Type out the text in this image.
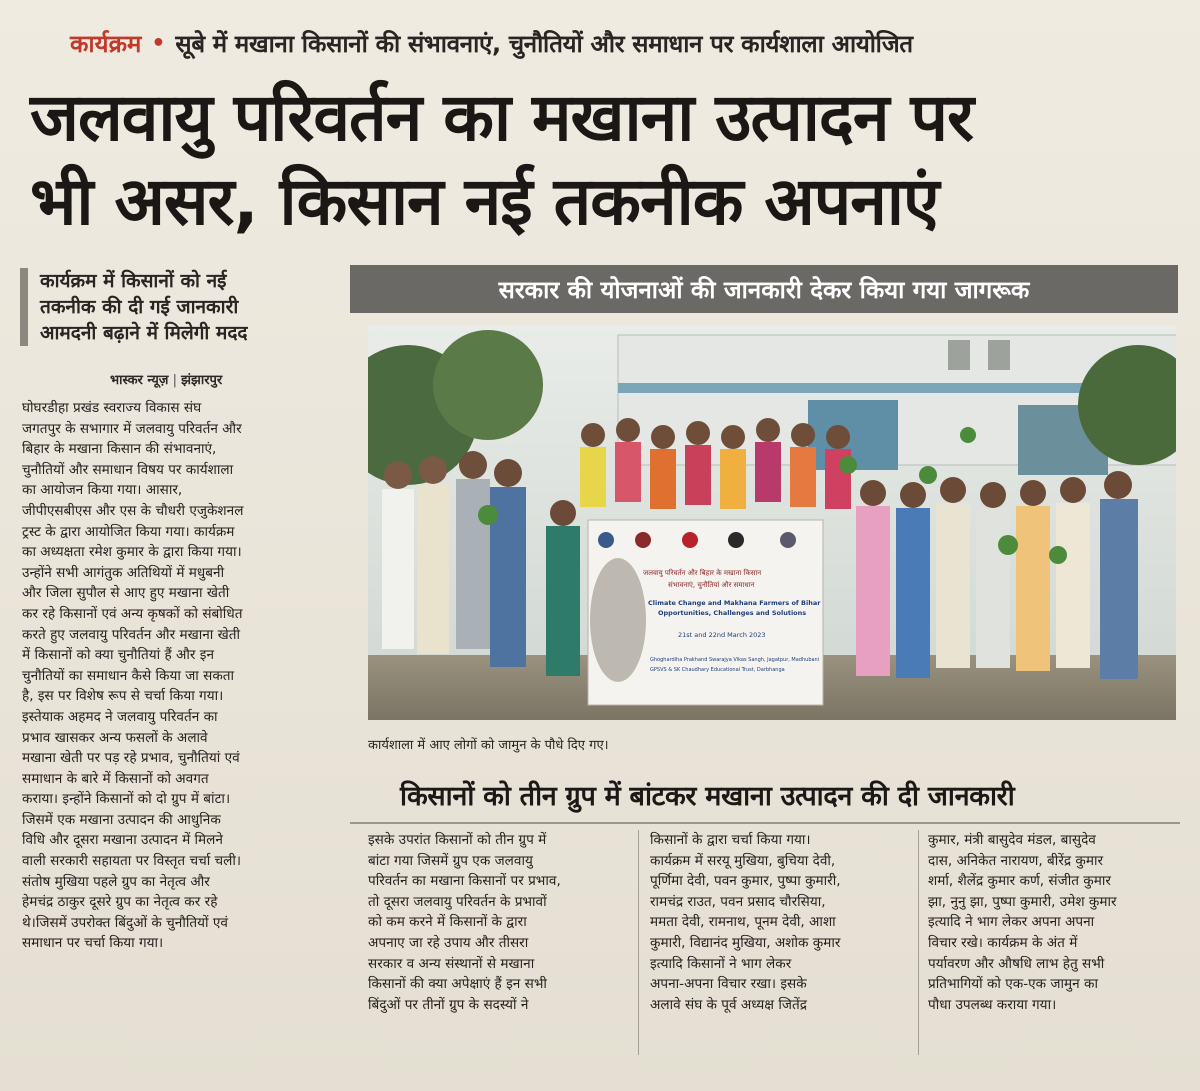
कार्यक्रम • सूबे में मखाना किसानों की संभावनाएं, चुनौतियों और समाधान पर कार्यशाला आयोजित
जलवायु परिवर्तन का मखाना उत्पादन पर
भी असर, किसान नई तकनीक अपनाएं
कार्यक्रम में किसानों को नई
तकनीक की दी गई जानकारी
आमदनी बढ़ाने में मिलेगी मदद
भास्कर न्यूज़ | झंझारपुर

घोघरडीहा प्रखंड स्वराज्य विकास संघ

जगतपुर के सभागार में जलवायु परिवर्तन और

बिहार के मखाना किसान की संभावनाएं,

चुनौतियों और समाधान विषय पर कार्यशाला

का आयोजन किया गया। आसार,

जीपीएसबीएस और एस के चौधरी एजुकेशनल

ट्रस्ट के द्वारा आयोजित किया गया। कार्यक्रम

का अध्यक्षता रमेश कुमार के द्वारा किया गया।

उन्होंने सभी आगंतुक अतिथियों में मधुबनी

और जिला सुपौल से आए हुए मखाना खेती

कर रहे किसानों एवं अन्य कृषकों को संबोधित

करते हुए जलवायु परिवर्तन और मखाना खेती

में किसानों को क्या चुनौतियां हैं और इन

चुनौतियों का समाधान कैसे किया जा सकता

है, इस पर विशेष रूप से चर्चा किया गया।

इस्तेयाक अहमद ने जलवायु परिवर्तन का

प्रभाव खासकर अन्य फसलों के अलावे

मखाना खेती पर पड़ रहे प्रभाव, चुनौतियां एवं

समाधान के बारे में किसानों को अवगत

कराया। इन्होंने किसानों को दो ग्रुप में बांटा।

जिसमें एक मखाना उत्पादन की आधुनिक

विधि और दूसरा मखाना उत्पादन में मिलने

वाली सरकारी सहायता पर विस्तृत चर्चा चली।

संतोष मुखिया पहले ग्रुप का नेतृत्व और

हेमचंद्र ठाकुर दूसरे ग्रुप का नेतृत्व कर रहे

थे।जिसमें उपरोक्त बिंदुओं के चुनौतियों एवं

समाधान पर चर्चा किया गया।

सरकार की योजनाओं की जानकारी देकर किया गया जागरूक
जलवायु परिवर्तन और बिहार के मखाना किसान
संभावनाएं, चुनौतियां और समाधान
Climate Change and Makhana Farmers of Bihar
Opportunities, Challenges and Solutions
21st and 22nd March 2023
Ghoghardiha Prakhand Swarajya Vikas Sangh, Jagatpur, Madhubani
GPSVS & SK Chaudhary Educational Trust, Darbhanga
कार्यशाला में आए लोगों को जामुन के पौधे दिए गए।
किसानों को तीन ग्रुप में बांटकर मखाना उत्पादन की दी जानकारी

इसके उपरांत किसानों को तीन ग्रुप में

बांटा गया जिसमें ग्रुप एक जलवायु

परिवर्तन का मखाना किसानों पर प्रभाव,

तो दूसरा जलवायु परिवर्तन के प्रभावों

को कम करने में किसानों के द्वारा

अपनाए जा रहे उपाय और तीसरा

सरकार व अन्य संस्थानों से मखाना

किसानों की क्या अपेक्षाएं हैं इन सभी

बिंदुओं पर तीनों ग्रुप के सदस्यों ने

किसानों के द्वारा चर्चा किया गया।

कार्यक्रम में सरयू मुखिया, बुचिया देवी,

पूर्णिमा देवी, पवन कुमार, पुष्पा कुमारी,

रामचंद्र राउत, पवन प्रसाद चौरसिया,

ममता देवी, रामनाथ, पूनम देवी, आशा

कुमारी, विद्यानंद मुखिया, अशोक कुमार

इत्यादि किसानों ने भाग लेकर

अपना-अपना विचार रखा। इसके

अलावे संघ के पूर्व अध्यक्ष जितेंद्र

कुमार, मंत्री बासुदेव मंडल, बासुदेव

दास, अनिकेत नारायण, बीरेंद्र कुमार

शर्मा, शैलेंद्र कुमार कर्ण, संजीत कुमार

झा, नुनु झा, पुष्पा कुमारी, उमेश कुमार

इत्यादि ने भाग लेकर अपना अपना

विचार रखे। कार्यक्रम के अंत में

पर्यावरण और औषधि लाभ हेतु सभी

प्रतिभागियों को एक-एक जामुन का

पौधा उपलब्ध कराया गया।
